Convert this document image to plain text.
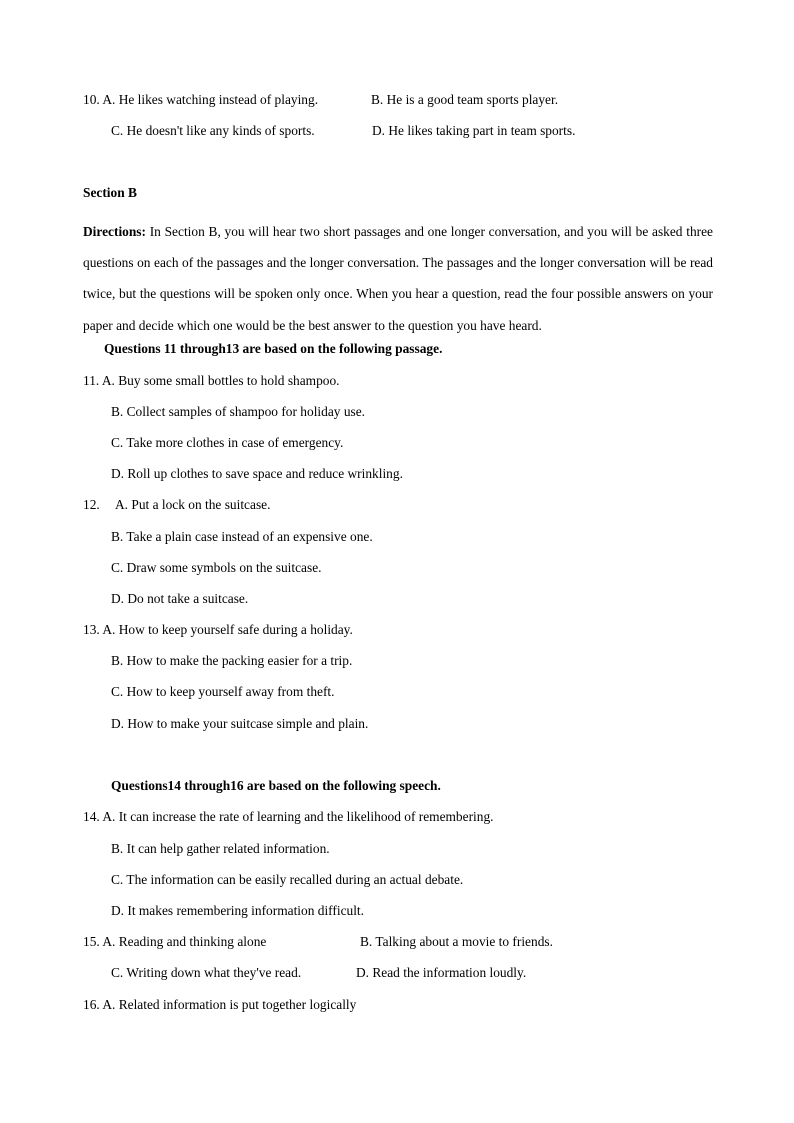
10. A. He likes watching instead of playing.	B. He is a good team sports player.
C. He doesn't like any kinds of sports.	D. He likes taking part in team sports.
Section B
Directions: In Section B, you will hear two short passages and one longer conversation, and you will be asked three questions on each of the passages and the longer conversation. The passages and the longer conversation will be read twice, but the questions will be spoken only once. When you hear a question, read the four possible answers on your paper and decide which one would be the best answer to the question you have heard.
Questions 11 through13 are based on the following passage.
11. A. Buy some small bottles to hold shampoo.
B. Collect samples of shampoo for holiday use.
C. Take more clothes in case of emergency.
D. Roll up clothes to save space and reduce wrinkling.
12. A. Put a lock on the suitcase.
B. Take a plain case instead of an expensive one.
C. Draw some symbols on the suitcase.
D. Do not take a suitcase.
13. A. How to keep yourself safe during a holiday.
B. How to make the packing easier for a trip.
C. How to keep yourself away from theft.
D. How to make your suitcase simple and plain.
Questions14 through16 are based on the following speech.
14. A. It can increase the rate of learning and the likelihood of remembering.
B. It can help gather related information.
C. The information can be easily recalled during an actual debate.
D. It makes remembering information difficult.
15. A. Reading and thinking alone	B. Talking about a movie to friends.
C. Writing down what they've read.	D. Read the information loudly.
16. A. Related information is put together logically
